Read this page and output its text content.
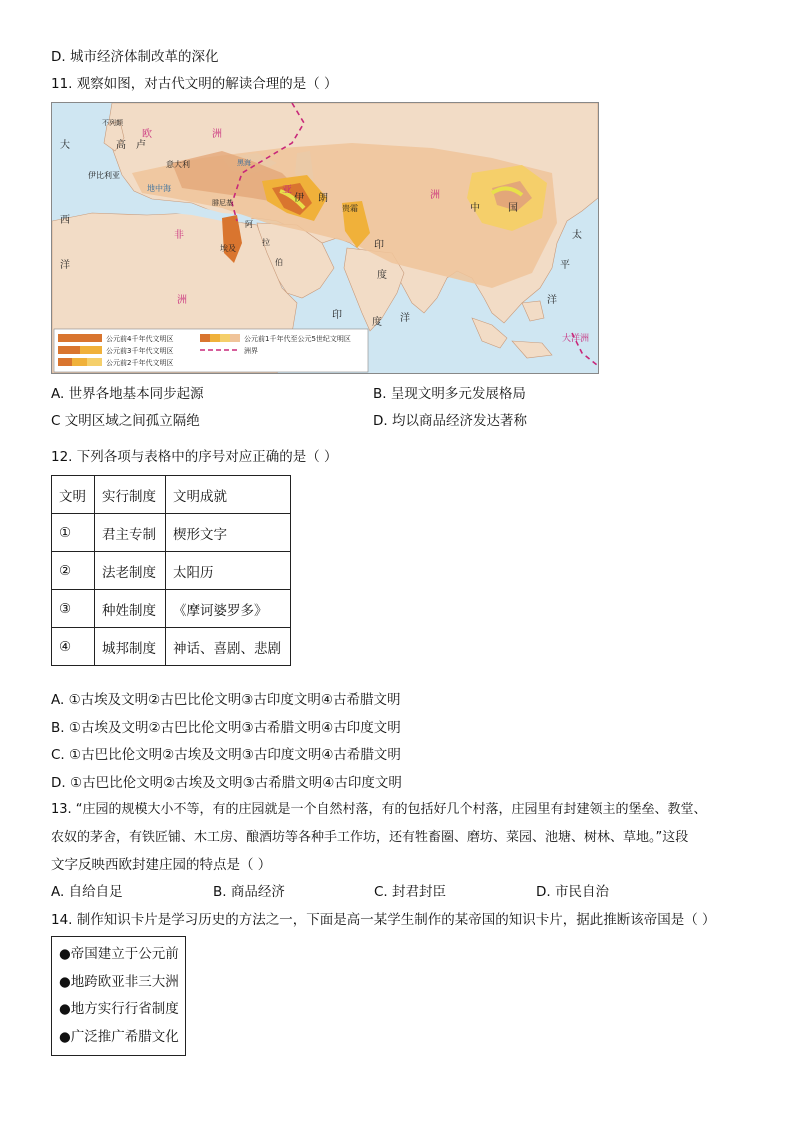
D. 城市经济体制改革的深化
11. 观察如图，对古代文明的解读合理的是（ ）
大
西
洋
非
洲
欧	洲
亚	洲
太
平
洋
印
度 洋
大洋洲
不列颠
高 卢
伊比利亚
意大利
腓尼基
阿
拉
伯
埃及
伊 朗
贵霜
印
度
中	国
地中海
黑海
公元前4千年代文明区
公元前3千年代文明区
公元前2千年代文明区
公元前1千年代至公元5世纪文明区
洲界
A. 世界各地基本同步起源	B. 呈现文明多元发展格局
C 文明区域之间孤立隔绝	D. 均以商品经济发达著称
12. 下列各项与表格中的序号对应正确的是（ ）
文明	实行制度	文明成就
①	君主专制	楔形文字
②	法老制度	太阳历
③	种姓制度	《摩诃婆罗多》
④	城邦制度	神话、喜剧、悲剧
A. ①古埃及文明②古巴比伦文明③古印度文明④古希腊文明
B. ①古埃及文明②古巴比伦文明③古希腊文明④古印度文明
C. ①古巴比伦文明②古埃及文明③古印度文明④古希腊文明
D. ①古巴比伦文明②古埃及文明③古希腊文明④古印度文明
13. “庄园的规模大小不等，有的庄园就是一个自然村落，有的包括好几个村落，庄园里有封建领主的堡垒、教堂、
农奴的茅舍，有铁匠铺、木工房、酿酒坊等各种手工作坊，还有牲畜圈、磨坊、菜园、池塘、树林、草地。”这段
文字反映西欧封建庄园的特点是（ ）
A. 自给自足	B. 商品经济	C. 封君封臣	D. 市民自治
14. 制作知识卡片是学习历史的方法之一，下面是高一某学生制作的某帝国的知识卡片，据此推断该帝国是（ ）
●帝国建立于公元前
●地跨欧亚非三大洲
●地方实行行省制度
●广泛推广希腊文化
